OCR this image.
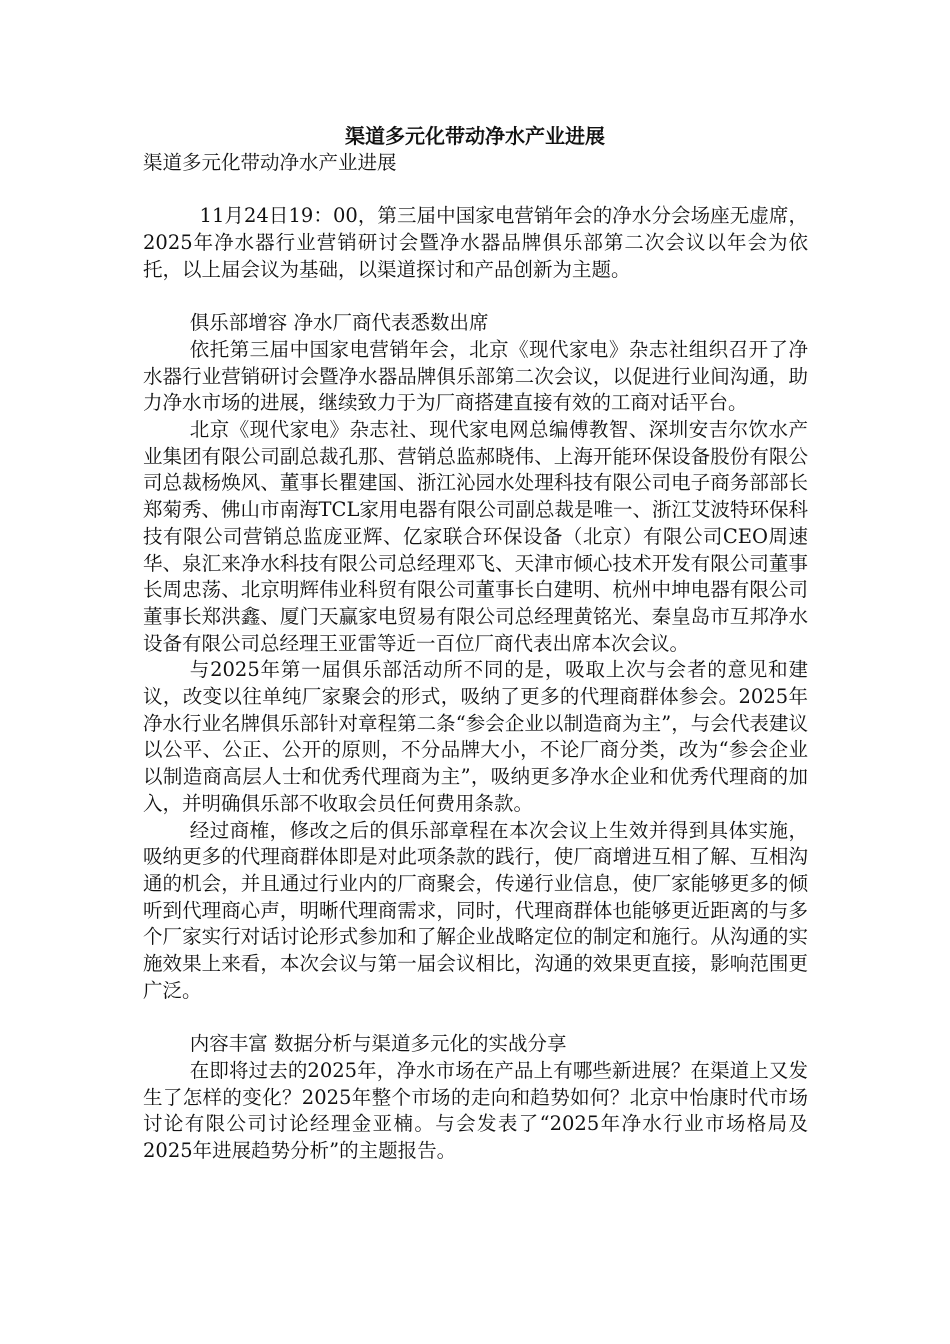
渠道多元化带动净水产业进展

渠道多元化带动净水产业进展

11月24日19：00，第三届中国家电营销年会的净水分会场座无虚席，2025年净水器行业营销研讨会暨净水器品牌俱乐部第二次会议以年会为依托，以上届会议为基础，以渠道探讨和产品创新为主题。

俱乐部增容 净水厂商代表悉数出席

依托第三届中国家电营销年会，北京《现代家电》杂志社组织召开了净水器行业营销研讨会暨净水器品牌俱乐部第二次会议，以促进行业间沟通，助力净水市场的进展，继续致力于为厂商搭建直接有效的工商对话平台。

北京《现代家电》杂志社、现代家电网总编傅教智、深圳安吉尔饮水产业集团有限公司副总裁孔那、营销总监郝晓伟、上海开能环保设备股份有限公司总裁杨焕风、董事长瞿建国、浙江沁园水处理科技有限公司电子商务部部长郑菊秀、佛山市南海TCL家用电器有限公司副总裁是唯一、浙江艾波特环保科技有限公司营销总监庞亚辉、亿家联合环保设备（北京）有限公司CEO周速华、泉汇来净水科技有限公司总经理邓飞、天津市倾心技术开发有限公司董事长周忠荡、北京明辉伟业科贸有限公司董事长白建明、杭州中坤电器有限公司董事长郑洪鑫、厦门天赢家电贸易有限公司总经理黄铭光、秦皇岛市互邦净水设备有限公司总经理王亚雷等近一百位厂商代表出席本次会议。

与2025年第一届俱乐部活动所不同的是，吸取上次与会者的意见和建议，改变以往单纯厂家聚会的形式，吸纳了更多的代理商群体参会。2025年净水行业名牌俱乐部针对章程第二条“参会企业以制造商为主”，与会代表建议以公平、公正、公开的原则，不分品牌大小，不论厂商分类，改为“参会企业以制造商高层人士和优秀代理商为主”，吸纳更多净水企业和优秀代理商的加入，并明确俱乐部不收取会员任何费用条款。

经过商榷，修改之后的俱乐部章程在本次会议上生效并得到具体实施，吸纳更多的代理商群体即是对此项条款的践行，使厂商增进互相了解、互相沟通的机会，并且通过行业内的厂商聚会，传递行业信息，使厂家能够更多的倾听到代理商心声，明晰代理商需求，同时，代理商群体也能够更近距离的与多个厂家实行对话讨论形式参加和了解企业战略定位的制定和施行。从沟通的实施效果上来看，本次会议与第一届会议相比，沟通的效果更直接，影响范围更广泛。

内容丰富 数据分析与渠道多元化的实战分享

在即将过去的2025年，净水市场在产品上有哪些新进展？在渠道上又发生了怎样的变化？2025年整个市场的走向和趋势如何？北京中怡康时代市场讨论有限公司讨论经理金亚楠。与会发表了“2025年净水行业市场格局及2025年进展趋势分析”的主题报告。
